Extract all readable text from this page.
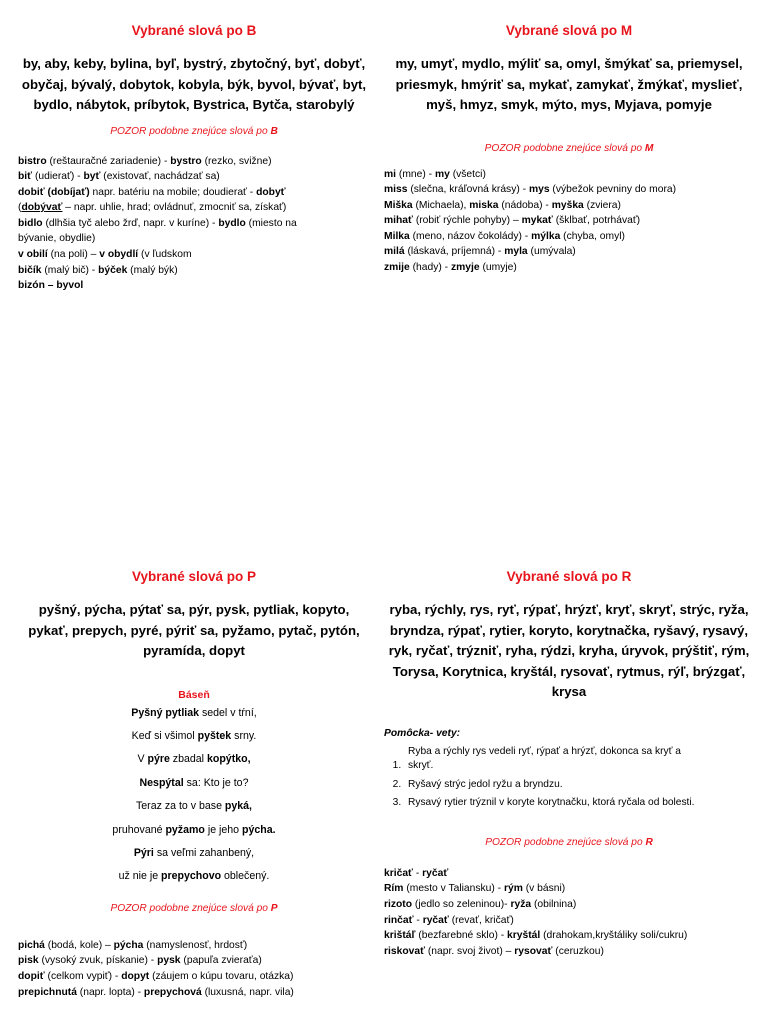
Vybrané slová po B

by, aby, keby, bylina, byľ, bystrý, zbytočný, byť, dobyť, obyčaj, bývalý, dobytok, kobyla, býk, byvol, bývať, byt, bydlo, nábytok, príbytok, Bystrica, Bytča, starobylý

POZOR podobne znejúce slová po B

bistro (reštauračné zariadenie) - bystro (rezko, svižne)
biť (udierať) - byť (existovať, nachádzať sa)
dobiť (dobíjať) napr. batériu na mobile; doudierať - dobyť
(dobývať – napr. uhlie, hrad; ovládnuť, zmocniť sa, získať)
bidlo (dlhšia tyč alebo žrď, napr. v kuríne) - bydlo (miesto na
bývanie, obydlie)
v obilí (na poli) – v obydlí (v ľudskom
bičík (malý bič) - býček (malý býk)
bizón – byvol
Vybrané slová po M

my, umyť, mydlo, mýliť sa, omyl, šmýkať sa, priemysel, priesmyk, hmýriť sa, mykať, zamykať, žmýkať, myslieť, myš, hmyz, smyk, mýto, mys, Myjava, pomyje

POZOR podobne znejúce slová po M

mi (mne) - my (všetci)
miss (slečna, kráľovná krásy) - mys (výbežok pevniny do mora)
Miška (Michaela), miska (nádoba) - myška (zviera)
mihať (robiť rýchle pohyby) – mykať (šklbať, potrhávať)
Milka (meno, názov čokolády) - mýlka (chyba, omyl)
milá (láskavá, príjemná) - myla (umývala)
zmije (hady) - zmyje (umyje)
Vybrané slová po P

pyšný, pýcha, pýtať sa, pýr, pysk, pytliak, kopyto, pykať, prepych, pyré, pýriť sa, pyžamo, pytač, pytón, pyramída, dopyt

Báseň
Pyšný pytliak sedel v tŕní,
Keď si všimol pyštek srny.
V pýre zbadal kopýtko,
Nespýtal sa: Kto je to?
Teraz za to v base pyká,
pruhované pyžamo je jeho pýcha.
Pýri sa veľmi zahanbený,
už nie je prepychovo oblečený.

POZOR podobne znejúce slová po P

pichá (bodá, kole) – pýcha (namyslenosť, hrdosť)
pisk (vysoký zvuk, pískanie) - pysk (papuľa zvieraťa)
dopiť (celkom vypiť) - dopyt (záujem o kúpu tovaru, otázka)
prepichnutá (napr. lopta) - prepychová (luxusná, napr. vila)
Vybrané slová po R

ryba, rýchly, rys, ryť, rýpať, hrýzť, kryť, skryť, strýc, ryža, bryndza, rýpať, rytier, koryto, korytnačka, ryšavý, rysavý, ryk, ryčať, trýzniť, ryha, rýdzi, kryha, úryvok, prýštiť, rým, Torysa, Korytnica, kryštál, rysovať, rytmus, rýľ, brýzgať, krysa

Pomôcka- vety:
1. Ryba a rýchly rys vedeli ryť, rýpať a hrýzť, dokonca sa kryť a skryť.
2. Ryšavý strýc jedol ryžu a bryndzu.
3. Rysavý rytier trýznil v koryte korytnačku, ktorá ryčala od bolesti.

POZOR podobne znejúce slová po R

kričať - ryčať
Rím (mesto v Taliansku) - rým (v básni)
rizoto (jedlo so zeleninou)- ryža (obilnina)
rinčať - ryčať (revať, kričať)
krištáľ (bezfarebné sklo) - kryštál (drahokam,kryštáliky soli/cukru)
riskovať (napr. svoj život) – rysovať (ceruzkou)
